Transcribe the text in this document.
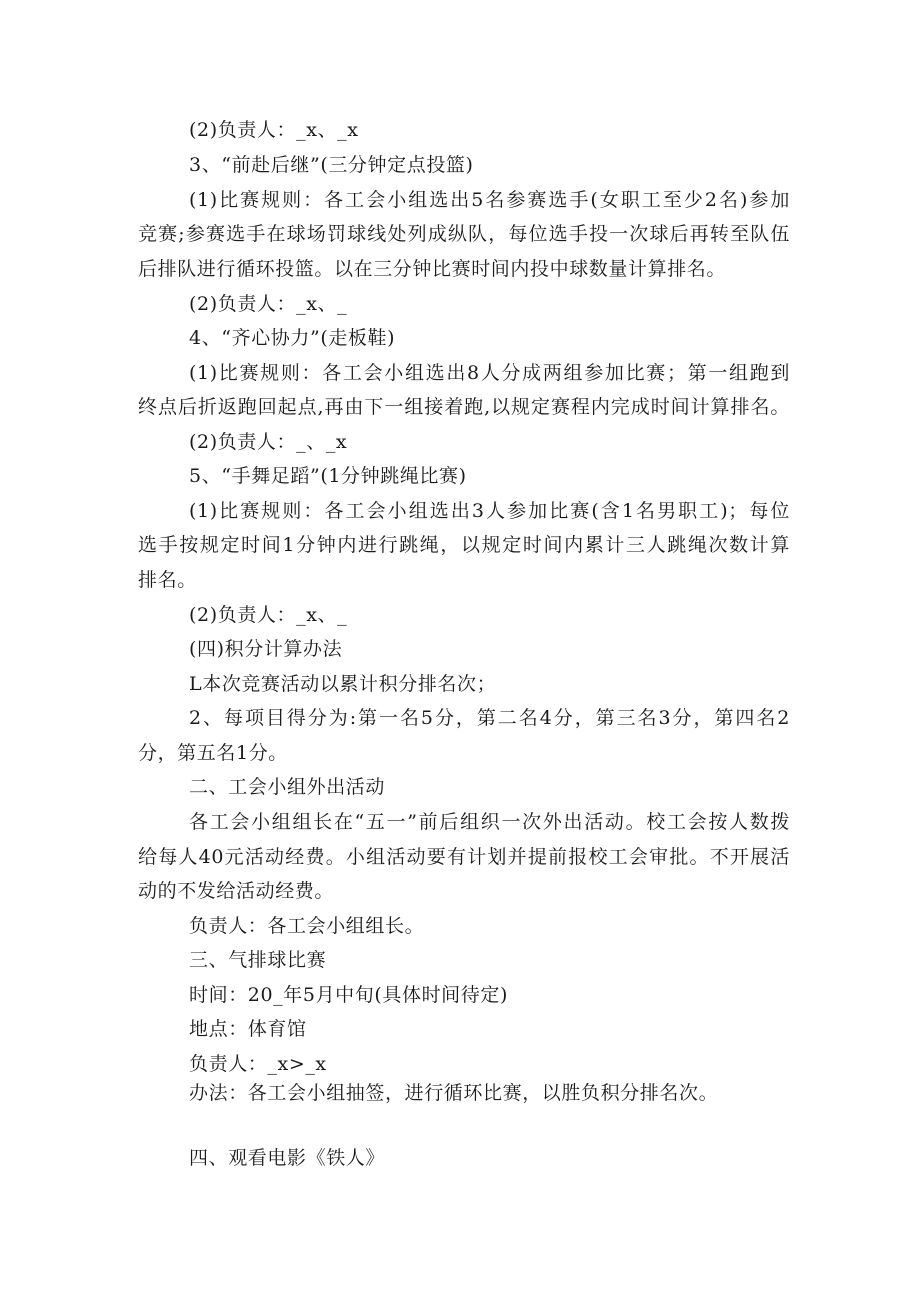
(2)负责人：_x、_x
3、“前赴后继”(三分钟定点投篮)
(1)比赛规则：各工会小组选出5名参赛选手(女职工至少2名)参加
竞赛;参赛选手在球场罚球线处列成纵队，每位选手投一次球后再转至队伍
后排队进行循环投篮。以在三分钟比赛时间内投中球数量计算排名。
(2)负责人：_x、_
4、“齐心协力”(走板鞋)
(1)比赛规则：各工会小组选出8人分成两组参加比赛；第一组跑到
终点后折返跑回起点,再由下一组接着跑,以规定赛程内完成时间计算排名。
(2)负责人：_、_x
5、“手舞足蹈”(1分钟跳绳比赛)
(1)比赛规则：各工会小组选出3人参加比赛(含1名男职工)；每位
选手按规定时间1分钟内进行跳绳，以规定时间内累计三人跳绳次数计算
排名。
(2)负责人：_x、_
(四)积分计算办法
L本次竞赛活动以累计积分排名次；
2、每项目得分为:第一名5分，第二名4分，第三名3分，第四名2
分，第五名1分。
二、工会小组外出活动
各工会小组组长在“五一”前后组织一次外出活动。校工会按人数拨
给每人40元活动经费。小组活动要有计划并提前报校工会审批。不开展活
动的不发给活动经费。
负责人：各工会小组组长。
三、气排球比赛
时间：20_年5月中旬(具体时间待定)
地点：体育馆
负责人：_x>_x
办法：各工会小组抽签，进行循环比赛，以胜负积分排名次。
四、观看电影《铁人》
